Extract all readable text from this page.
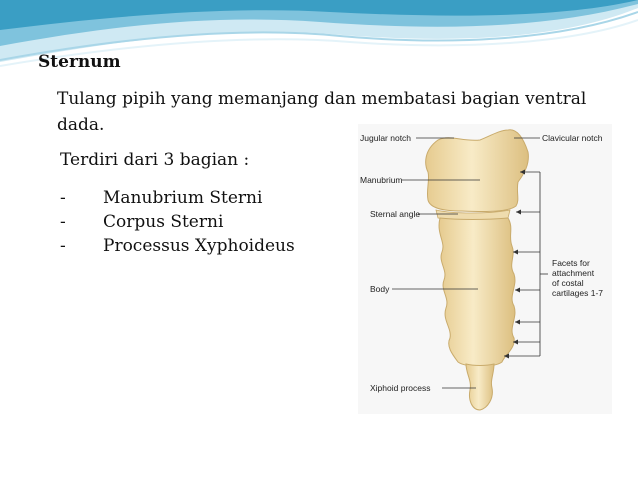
Sternum

Tulang pipih yang memanjang dan membatasi bagian ventral dada.

Terdiri dari 3 bagian :
-	Manubrium Sterni
-	Corpus Sterni
-	Processus Xyphoideus
Jugular notch	Clavicular notch
Manubrium
Sternal angle
Facets for
attachment
of costal
cartilages 1-7
Body
Xiphoid process
